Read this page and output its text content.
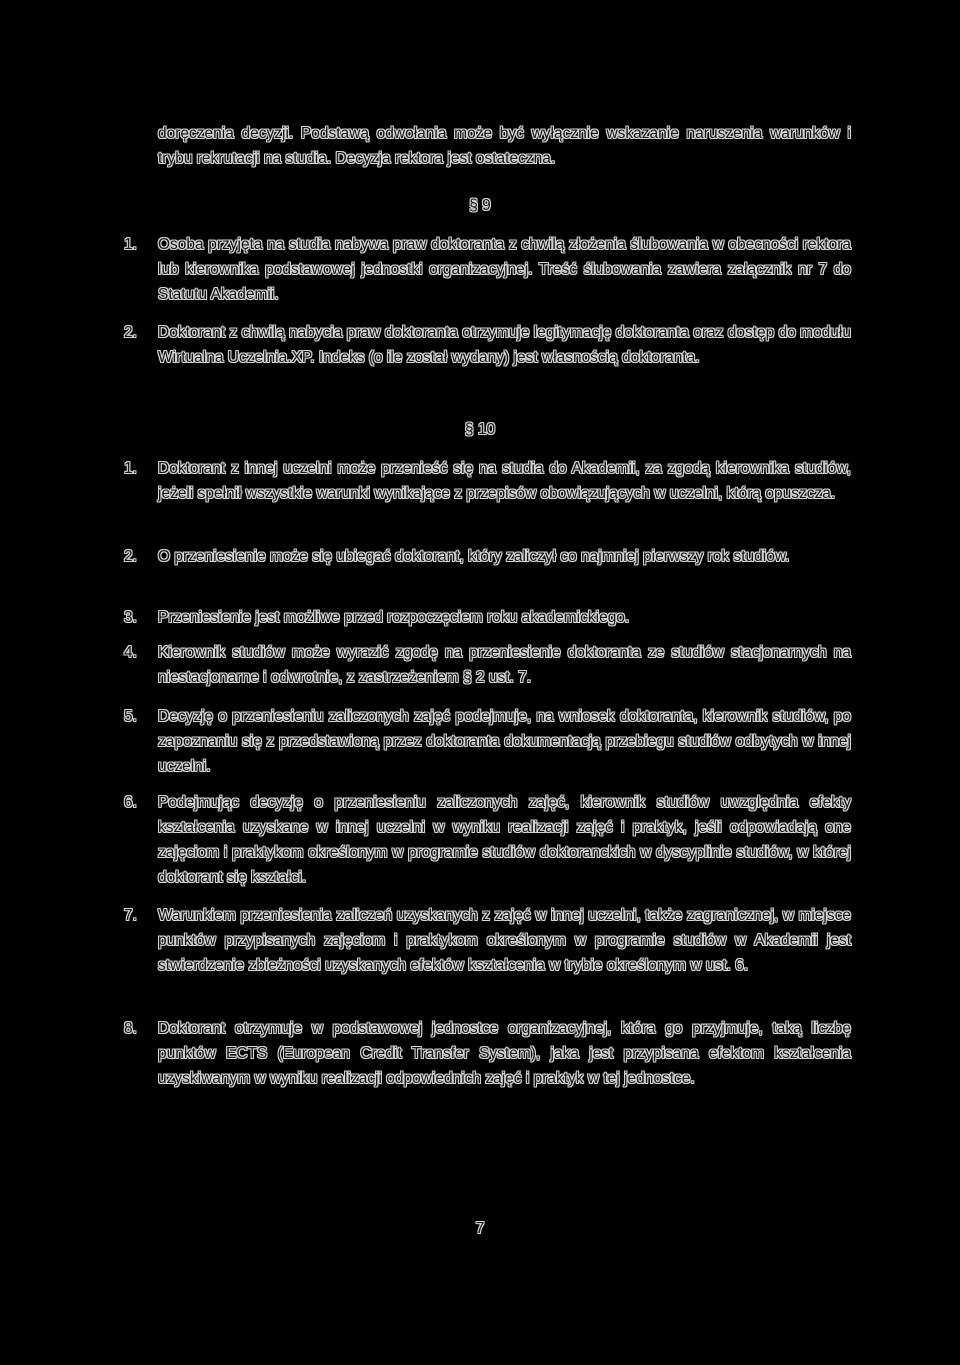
doręczenia decyzji. Podstawą odwołania może być wyłącznie wskazanie naruszenia warunków i trybu rekrutacji na studia. Decyzja rektora jest ostateczna.

§ 9
1.	Osoba przyjęta na studia nabywa praw doktoranta z chwilą złożenia ślubowania w obecności rektora lub kierownika podstawowej jednostki organizacyjnej. Treść ślubowania zawiera załącznik nr 7 do Statutu Akademii.

2.	Doktorant z chwilą nabycia praw doktoranta otrzymuje legitymację doktoranta oraz dostęp do modułu Wirtualna Uczelnia.XP. Indeks (o ile został wydany) jest własnością doktoranta.

§ 10
1.	Doktorant z innej uczelni może przenieść się na studia do Akademii, za zgodą kierownika studiów, jeżeli spełnił wszystkie warunki wynikające z przepisów obowiązujących w uczelni, którą opuszcza.

2.	O przeniesienie może się ubiegać doktorant, który zaliczył co najmniej pierwszy rok studiów.

3.	Przeniesienie jest możliwe przed rozpoczęciem roku akademickiego.

4.	Kierownik studiów może wyrazić zgodę na przeniesienie doktoranta ze studiów stacjonarnych na niestacjonarne i odwrotnie, z zastrzeżeniem § 2 ust. 7.

5.	Decyzję o przeniesieniu zaliczonych zajęć podejmuje, na wniosek doktoranta, kierownik studiów, po zapoznaniu się z przedstawioną przez doktoranta dokumentacją przebiegu studiów odbytych w innej uczelni.

6.	Podejmując decyzję o przeniesieniu zaliczonych zajęć, kierownik studiów uwzględnia efekty kształcenia uzyskane w innej uczelni w wyniku realizacji zajęć i praktyk, jeśli odpowiadają one zajęciom i praktykom określonym w programie studiów doktoranckich w dyscyplinie studiów, w której doktorant się kształci.

7.	Warunkiem przeniesienia zaliczeń uzyskanych z zajęć w innej uczelni, także zagranicznej, w miejsce punktów przypisanych zajęciom i praktykom określonym w programie studiów w Akademii jest stwierdzenie zbieżności uzyskanych efektów kształcenia w trybie określonym w ust. 6.

8.	Doktorant otrzymuje w podstawowej jednostce organizacyjnej, która go przyjmuje, taką liczbę punktów ECTS (European Credit Transfer System), jaka jest przypisana efektom kształcenia uzyskiwanym w wyniku realizacji odpowiednich zajęć i praktyk w tej jednostce.

7
